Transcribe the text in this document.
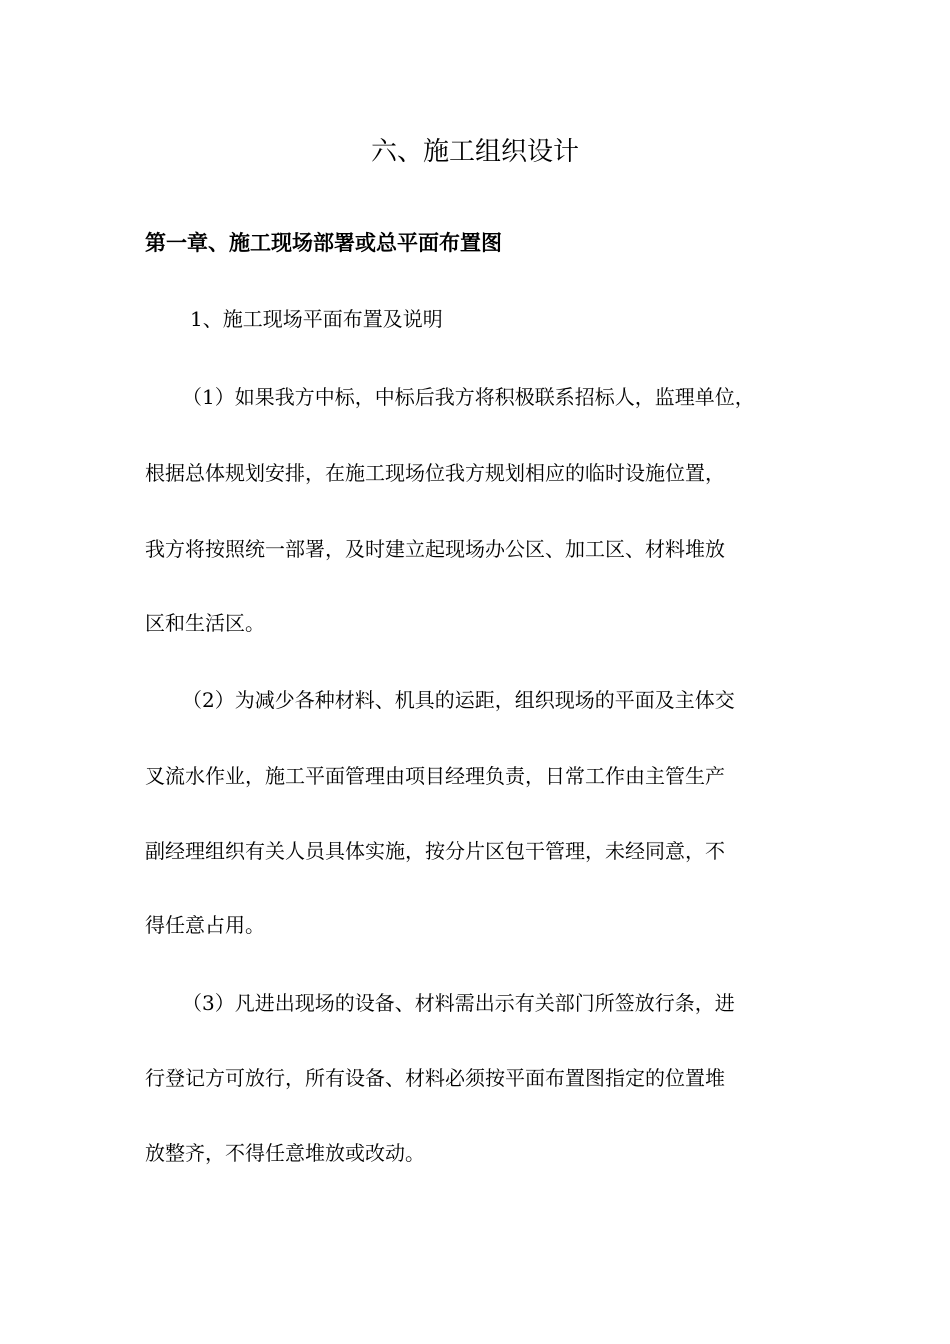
六、施工组织设计
第一章、施工现场部署或总平面布置图
1、施工现场平面布置及说明
（1）如果我方中标，中标后我方将积极联系招标人，监理单位，
根据总体规划安排，在施工现场位我方规划相应的临时设施位置，
我方将按照统一部署，及时建立起现场办公区、加工区、材料堆放
区和生活区。
（2）为减少各种材料、机具的运距，组织现场的平面及主体交
叉流水作业，施工平面管理由项目经理负责，日常工作由主管生产
副经理组织有关人员具体实施，按分片区包干管理，未经同意，不
得任意占用。
（3）凡进出现场的设备、材料需出示有关部门所签放行条，进
行登记方可放行，所有设备、材料必须按平面布置图指定的位置堆
放整齐，不得任意堆放或改动。
